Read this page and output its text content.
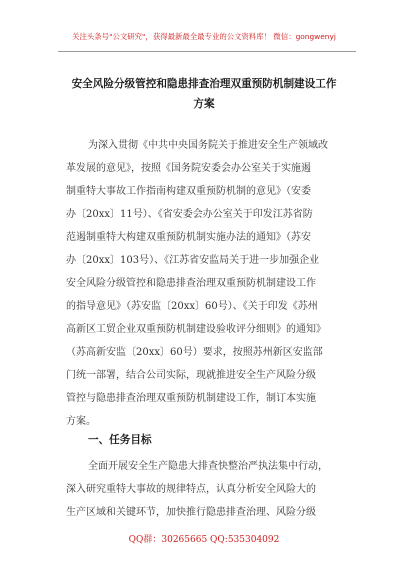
关注头条号"公文研究"，获得最新最全最专业的公文资料库！ 微信：gongwenyj
安全风险分级管控和隐患排查治理双重预防机制建设工作
方案
为深入贯彻《中共中央国务院关于推进安全生产领域改
革发展的意见》，按照《国务院安委会办公室关于实施遏
制重特大事故工作指南构建双重预防机制的意见》（安委
办〔20xx〕11号）、《省安委会办公室关于印发江苏省防
范遏制重特大构建双重预防机制实施办法的通知》（苏安
办〔20xx〕103号）、《江苏省安监局关于进一步加强企业
安全风险分级管控和隐患排查治理双重预防机制建设工作
的指导意见》（苏安监〔20xx〕60号）、《关于印发《苏州
高新区工贸企业双重预防机制建设验收评分细则》的通知》
（苏高新安监〔20xx〕60号）要求，按照苏州新区安监部
门统一部署，结合公司实际，现就推进安全生产风险分级
管控与隐患排查治理双重预防机制建设工作，制订本实施
方案。
一、任务目标
全面开展安全生产隐患大排查快整治严执法集中行动，
深入研究重特大事故的规律特点，认真分析安全风险大的
生产区域和关键环节，加快推行隐患排查治理、风险分级
QQ群：30265665 QQ:535304092
